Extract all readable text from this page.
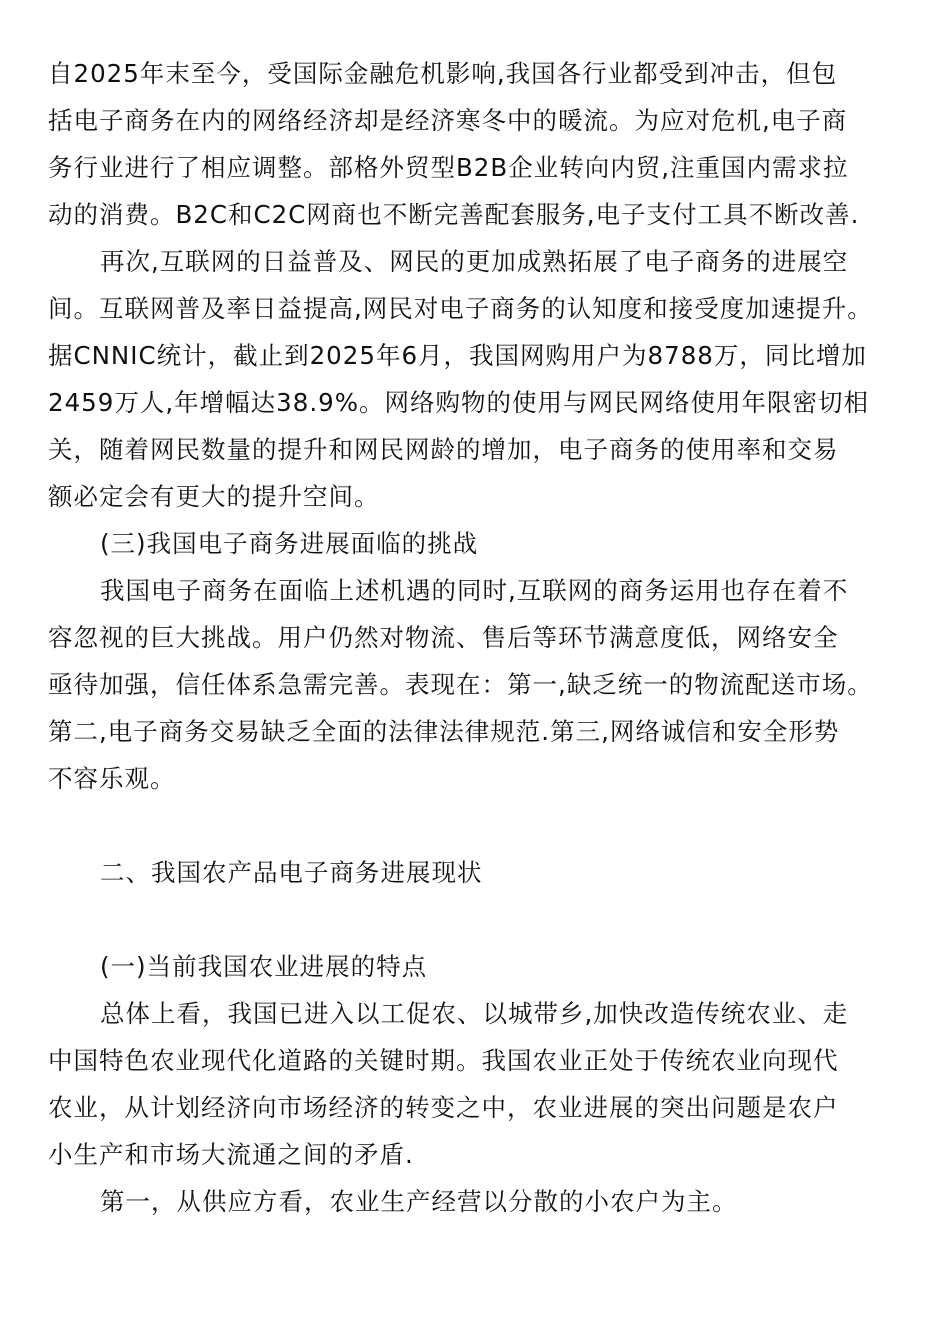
自2025年末至今，受国际金融危机影响,我国各行业都受到冲击，但包
括电子商务在内的网络经济却是经济寒冬中的暖流。为应对危机,电子商
务行业进行了相应调整。部格外贸型B2B企业转向内贸,注重国内需求拉
动的消费。B2C和C2C网商也不断完善配套服务,电子支付工具不断改善.
再次,互联网的日益普及、网民的更加成熟拓展了电子商务的进展空
间。互联网普及率日益提高,网民对电子商务的认知度和接受度加速提升。
据CNNIC统计，截止到2025年6月，我国网购用户为8788万，同比增加
2459万人,年增幅达38.9%。网络购物的使用与网民网络使用年限密切相
关，随着网民数量的提升和网民网龄的增加，电子商务的使用率和交易
额必定会有更大的提升空间。
(三)我国电子商务进展面临的挑战
我国电子商务在面临上述机遇的同时,互联网的商务运用也存在着不
容忽视的巨大挑战。用户仍然对物流、售后等环节满意度低，网络安全
亟待加强，信任体系急需完善。表现在：第一,缺乏统一的物流配送市场。
第二,电子商务交易缺乏全面的法律法律规范.第三,网络诚信和安全形势
不容乐观。
二、我国农产品电子商务进展现状
(一)当前我国农业进展的特点
总体上看，我国已进入以工促农、以城带乡,加快改造传统农业、走
中国特色农业现代化道路的关键时期。我国农业正处于传统农业向现代
农业，从计划经济向市场经济的转变之中，农业进展的突出问题是农户
小生产和市场大流通之间的矛盾.
第一，从供应方看，农业生产经营以分散的小农户为主。
